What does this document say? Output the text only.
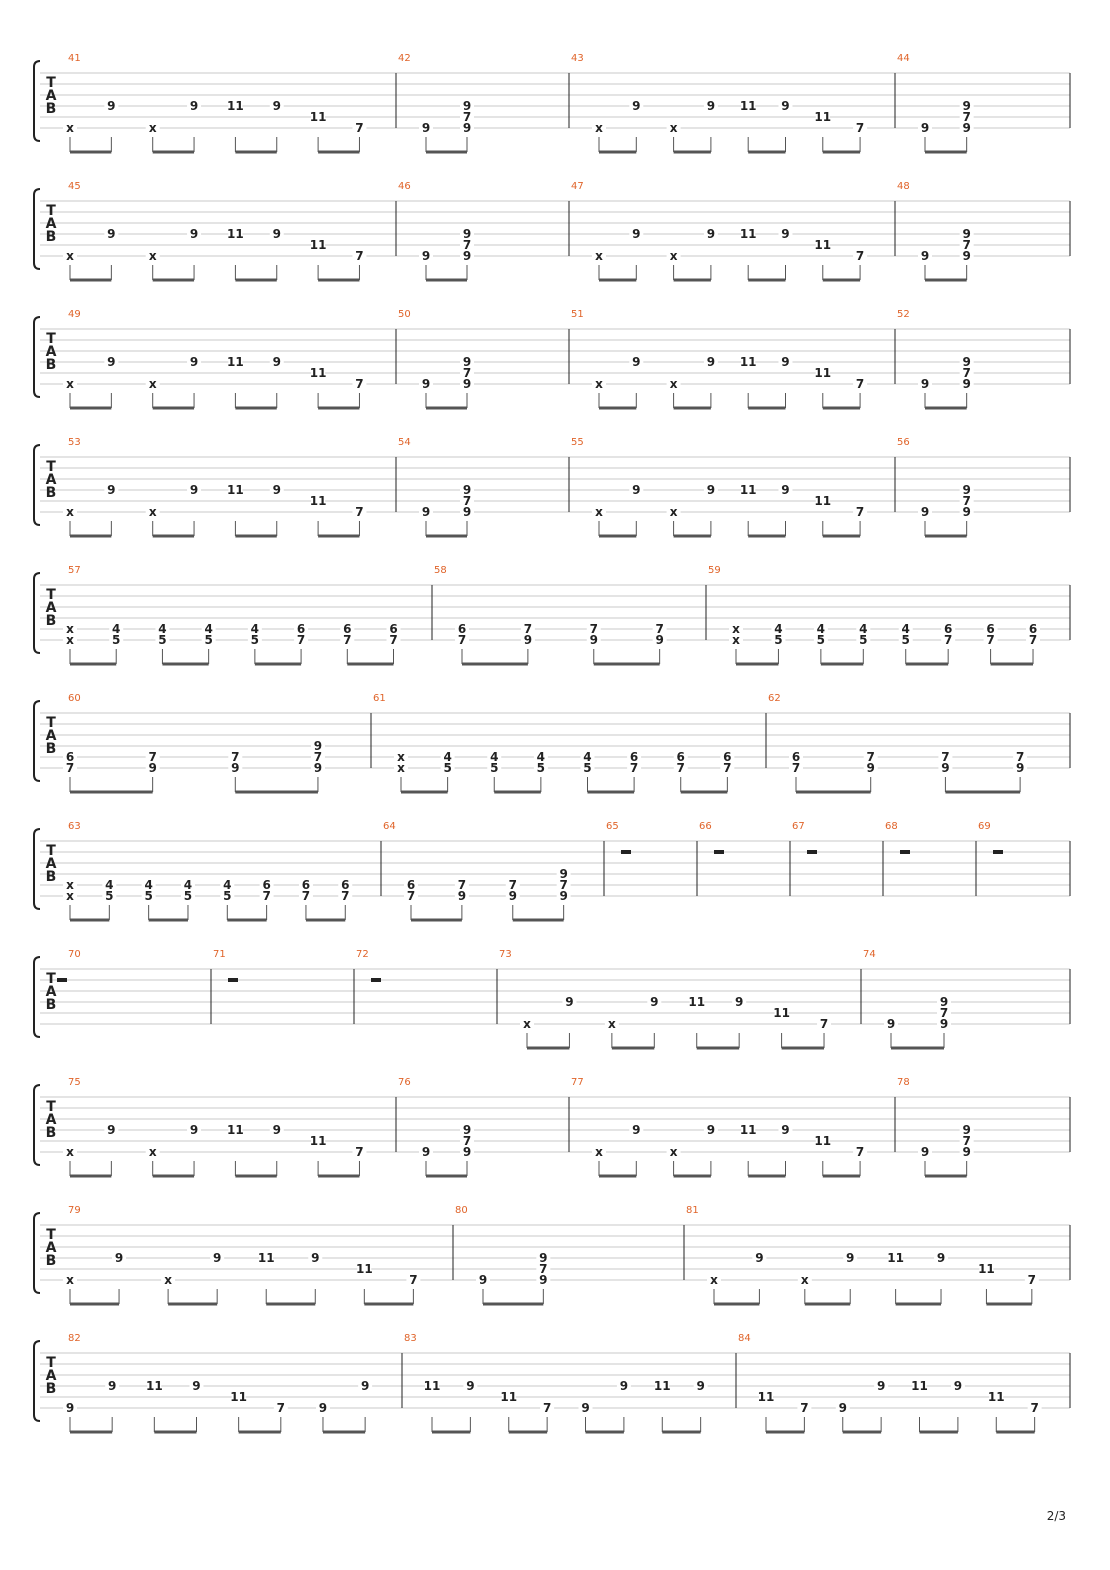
T
A
B
41
x
9
x
9 11 9
11
7
42
9
9
7
9
43
x
9
x
9 11 9
11
7
44
9
9
7
9
T
A
B
45
x
9
x
9 11 9
11
7
46
9
9
7
9
47
x
9
x
9 11 9
11
7
48
9
9
7
9
T
A
B
49
x
9
x
9 11 9
11
7
50
9
9
7
9
51
x
9
x
9 11 9
11
7
52
9
9
7
9
T
A
B
53
x
9
x
9 11 9
11
7
54
9
9
7
9
55
x
9
x
9 11 9
11
7
56
9
9
7
9
T
A
B
57
x
x
4
5
4
5
4
5
4
5
6
7
6
7
6
7
58
6
7
7
9
7
9
7
9
59
x
x
4
5
4
5
4
5
4
5
6
7
6
7
6
7
T
A
B
60
6
7
7
9
7
9
9
7
9
61
x
x
4
5
4
5
4
5
4
5
6
7
6
7
6
7
62
6
7
7
9
7
9
7
9
T
A
B
63
x
x
4
5
4
5
4
5
4
5
6
7
6
7
6
7
64
6
7
7
9
7
9
9
7
9
65	66	67	68	69
T
A
B
70	71	72	73
x
9
x
9 11 9
11
7
74
9
9
7
9
T
A
B
75
x
9
x
9 11 9
11
7
76
9
9
7
9
77
x
9
x
9 11 9
11
7
78
9
9
7
9
T
A
B
79
x
9
x
9	11	9
11
7
80
9
9
7
9
81
x
9
x
9	11	9
11
7
T
A
B
82
9
9 11 9
11
7	9
9
83
11 9
11
7	9
9 11 9
84
11
7	9
9 11 9
11
7
2/3
